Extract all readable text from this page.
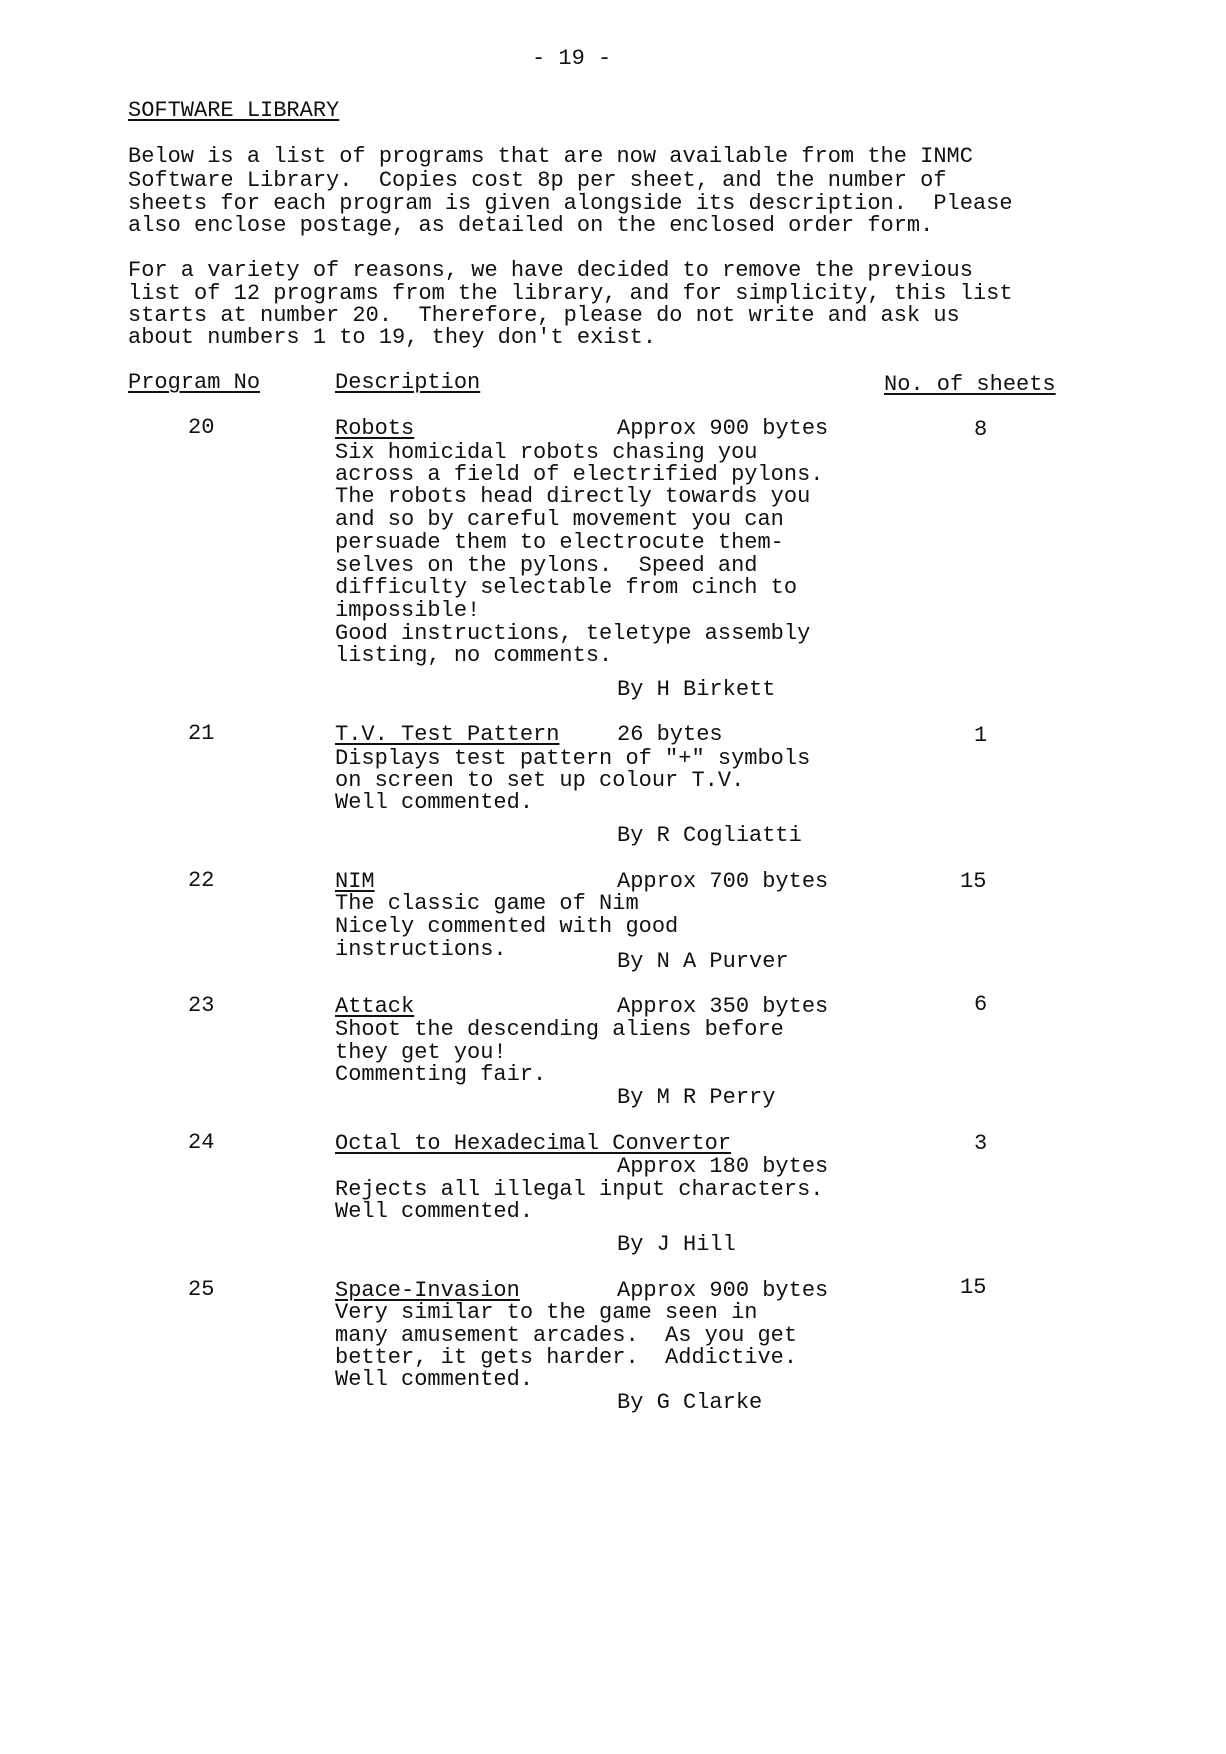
- 19 -
SOFTWARE LIBRARY
Below is a list of programs that are now available from the INMC
Software Library.  Copies cost 8p per sheet, and the number of
sheets for each program is given alongside its description.  Please
also enclose postage, as detailed on the enclosed order form.
For a variety of reasons, we have decided to remove the previous
list of 12 programs from the library, and for simplicity, this list
starts at number 20.  Therefore, please do not write and ask us
about numbers 1 to 19, they don't exist.
Program No	Description	No. of sheets
20	Robots	Approx 900 bytes	8
Six homicidal robots chasing you
across a field of electrified pylons.
The robots head directly towards you
and so by careful movement you can
persuade them to electrocute them-
selves on the pylons.  Speed and
difficulty selectable from cinch to
impossible!
Good instructions, teletype assembly
listing, no comments.
By H Birkett
21	T.V. Test Pattern	26 bytes	1
Displays test pattern of "+" symbols
on screen to set up colour T.V.
Well commented.
By R Cogliatti
22	NIM	Approx 700 bytes	15
The classic game of Nim
Nicely commented with good
instructions.	By N A Purver
23	Attack	Approx 350 bytes	6
Shoot the descending aliens before
they get you!
Commenting fair.
By M R Perry
24	Octal to Hexadecimal Convertor	3
Approx 180 bytes
Rejects all illegal input characters.
Well commented.
By J Hill
25	Space-Invasion	Approx 900 bytes	15
Very similar to the game seen in
many amusement arcades.  As you get
better, it gets harder.  Addictive.
Well commented.
By G Clarke
